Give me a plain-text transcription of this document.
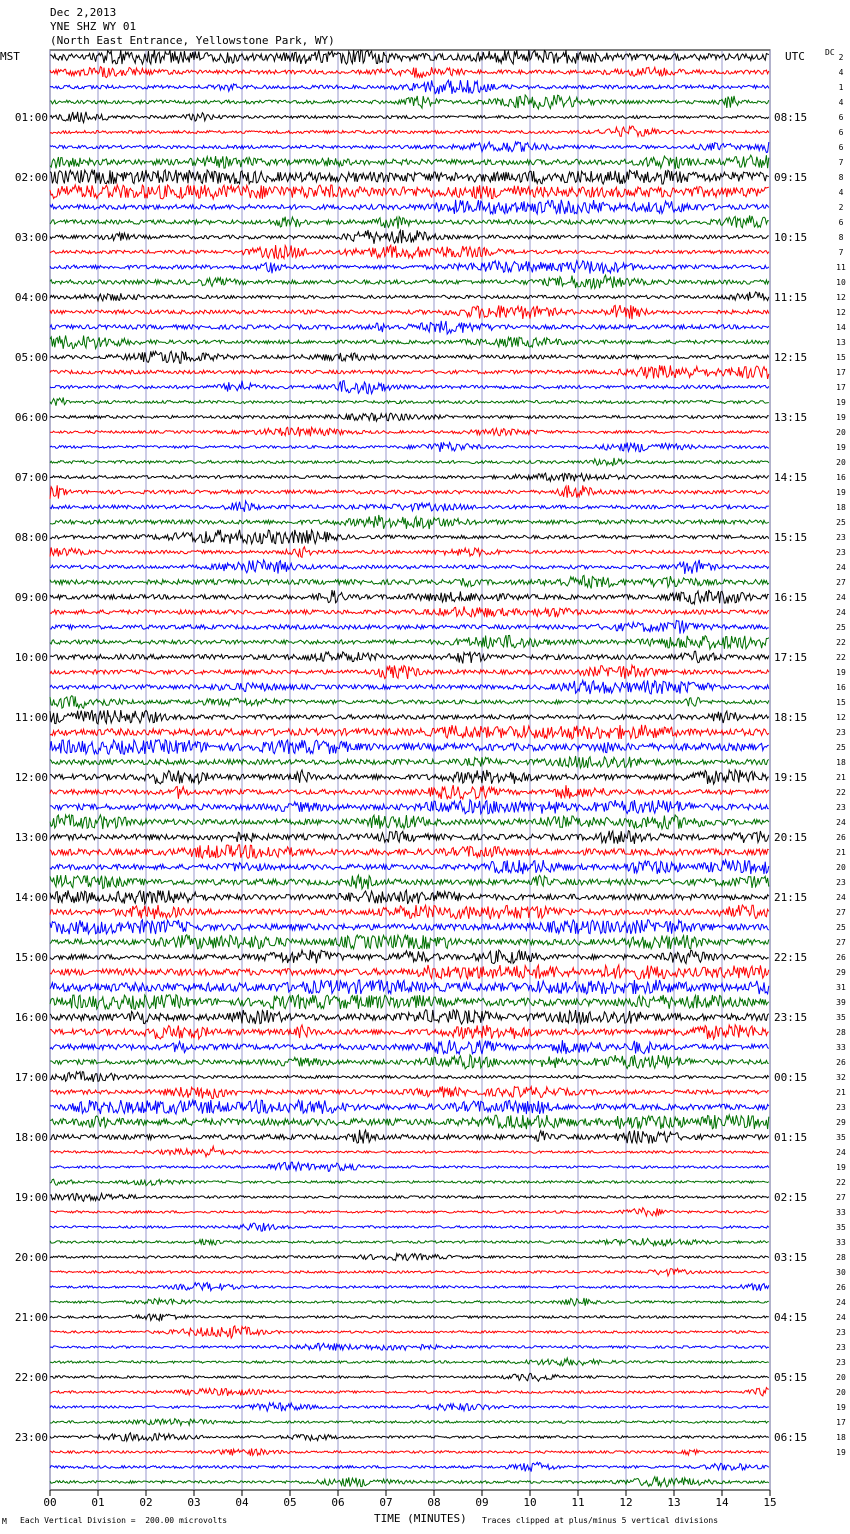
Dec 2,2013
YNE SHZ WY 01
(North East Entrance, Yellowstone Park, WY)
MST	UTC	DC
00	01	02	03	04	05	06	07	08	09	10	11	12	13	14	15
2
4
1
4
6
6
6
7
8
4
2
6
8
7
11
10
12
12
14
13
15
17
17
19
19
20
19
20
16
19
18
25
23
23
24
27
24
24
25
22
22
19
16
15
12
23
25
18
21
22
23
24
26
21
20
23
24
27
25
27
26
29
31
39
35
28
33
26
32
21
23
29
35
24
19
22
27
33
35
33
28
30
26
24
24
23
23
23
20
20
19
17
18
19
01:00
02:00
03:00
04:00
05:00
06:00
07:00
08:00
09:00
10:00
11:00
12:00
13:00
14:00
15:00
16:00
17:00
18:00
19:00
20:00
21:00
22:00
23:00
08:15
09:15
10:15
11:15
12:15
13:15
14:15
15:15
16:15
17:15
18:15
19:15
20:15
21:15
22:15
23:15
00:15
01:15
02:15
03:15
04:15
05:15
06:15
M Each Vertical Division =  200.00 microvolts	TIME (MINUTES) Traces clipped at plus/minus 5 vertical divisions
